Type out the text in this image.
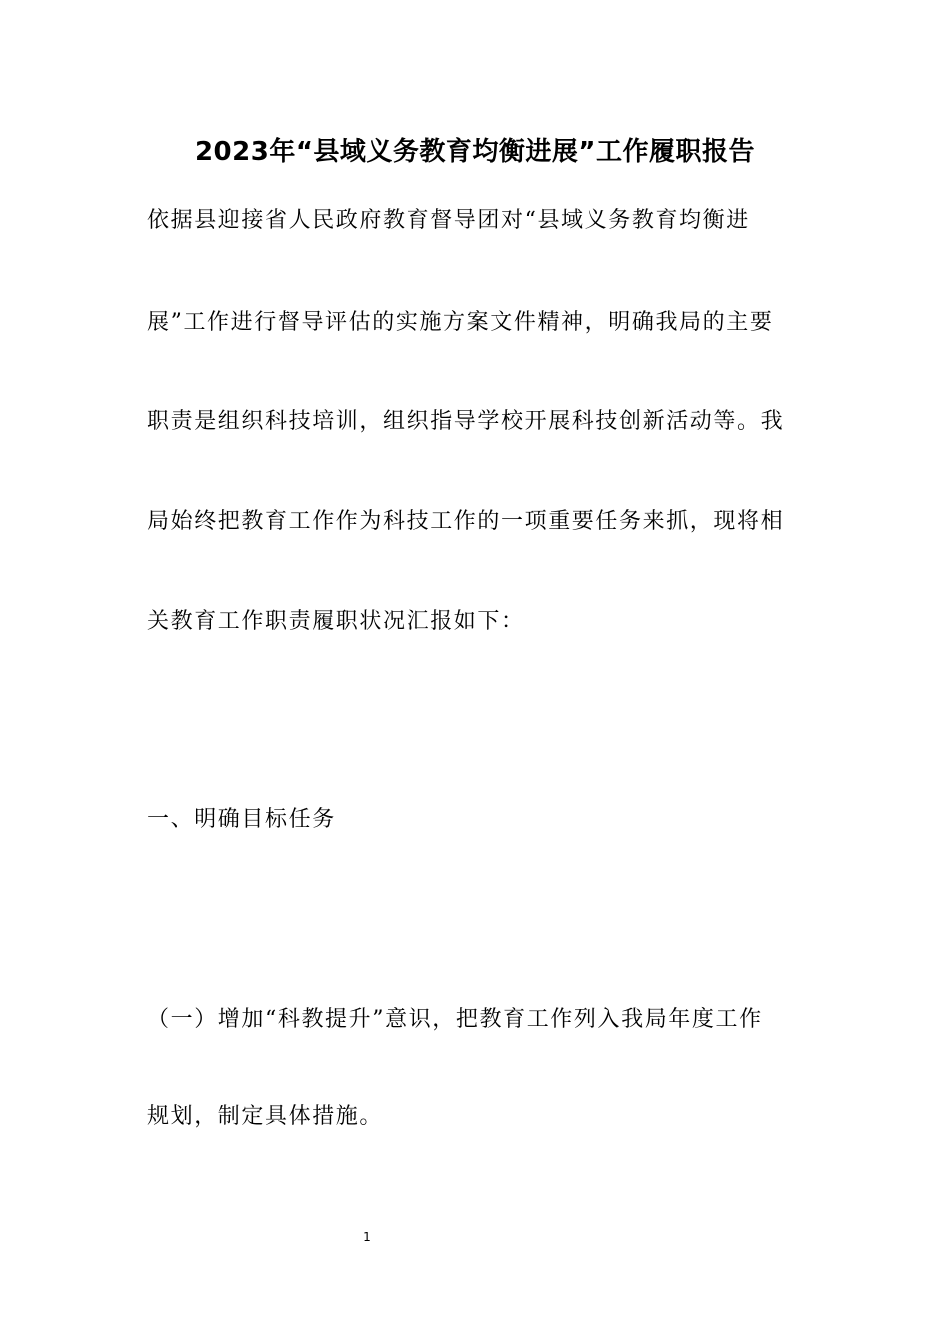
2023年“县域义务教育均衡进展”工作履职报告
依据县迎接省人民政府教育督导团对“县域义务教育均衡进
展”工作进行督导评估的实施方案文件精神，明确我局的主要
职责是组织科技培训，组织指导学校开展科技创新活动等。我
局始终把教育工作作为科技工作的一项重要任务来抓，现将相
关教育工作职责履职状况汇报如下：
一、明确目标任务
（一）增加“科教提升”意识，把教育工作列入我局年度工作
规划，制定具体措施。
1
